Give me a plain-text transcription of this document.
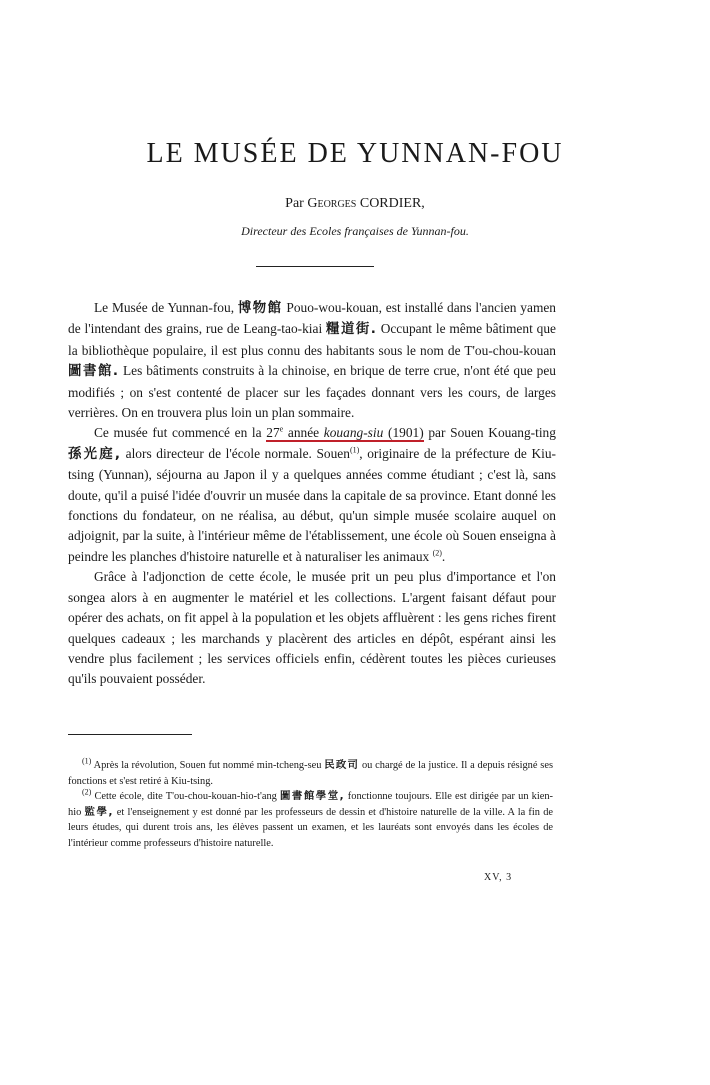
LE MUSÉE DE YUNNAN-FOU
Par Georges CORDIER,
Directeur des Ecoles françaises de Yunnan-fou.

Le Musée de Yunnan-fou, 博物館 Pouo-wou-kouan, est installé dans l'ancien yamen de l'intendant des grains, rue de Leang-tao-kiai 糧道街. Occupant le même bâtiment que la bibliothèque populaire, il est plus connu des habitants sous le nom de T'ou-chou-kouan 圖書館. Les bâtiments construits à la chinoise, en brique de terre crue, n'ont été que peu modifiés ; on s'est contenté de placer sur les façades donnant vers les cours, de larges verrières. On en trouvera plus loin un plan sommaire.

Ce musée fut commencé en la 27e année kouang-siu (1901) par Souen Kouang-ting 孫光庭, alors directeur de l'école normale. Souen$^{(1)}$, originaire de la préfecture de Kiu-tsing (Yunnan), séjourna au Japon il y a quelques années comme étudiant ; c'est là, sans doute, qu'il a puisé l'idée d'ouvrir un musée dans la capitale de sa province. Etant donné les fonctions du fondateur, on ne réalisa, au début, qu'un simple musée scolaire auquel on adjoignit, par la suite, à l'intérieur même de l'établissement, une école où Souen enseigna à peindre les planches d'histoire naturelle et à naturaliser les animaux $^{(2)}$.

Grâce à l'adjonction de cette école, le musée prit un peu plus d'importance et l'on songea alors à en augmenter le matériel et les collections. L'argent faisant défaut pour opérer des achats, on fit appel à la population et les objets affluèrent : les gens riches firent quelques cadeaux ; les marchands y placèrent des articles en dépôt, espérant ainsi les vendre plus facilement ; les services officiels enfin, cédèrent toutes les pièces curieuses qu'ils pouvaient posséder.

$^{(1)}$ Après la révolution, Souen fut nommé min-tcheng-seu 民政司 ou chargé de la justice. Il a depuis résigné ses fonctions et s'est retiré à Kiu-tsing.

$^{(2)}$ Cette école, dite T'ou-chou-kouan-hio-t'ang 圖書館學堂, fonctionne toujours. Elle est dirigée par un kien-hio 監學, et l'enseignement y est donné par les professeurs de dessin et d'histoire naturelle de la ville. A la fin de leurs études, qui durent trois ans, les élèves passent un examen, et les lauréats sont envoyés dans les écoles de l'intérieur comme professeurs d'histoire naturelle.

XV, 3
